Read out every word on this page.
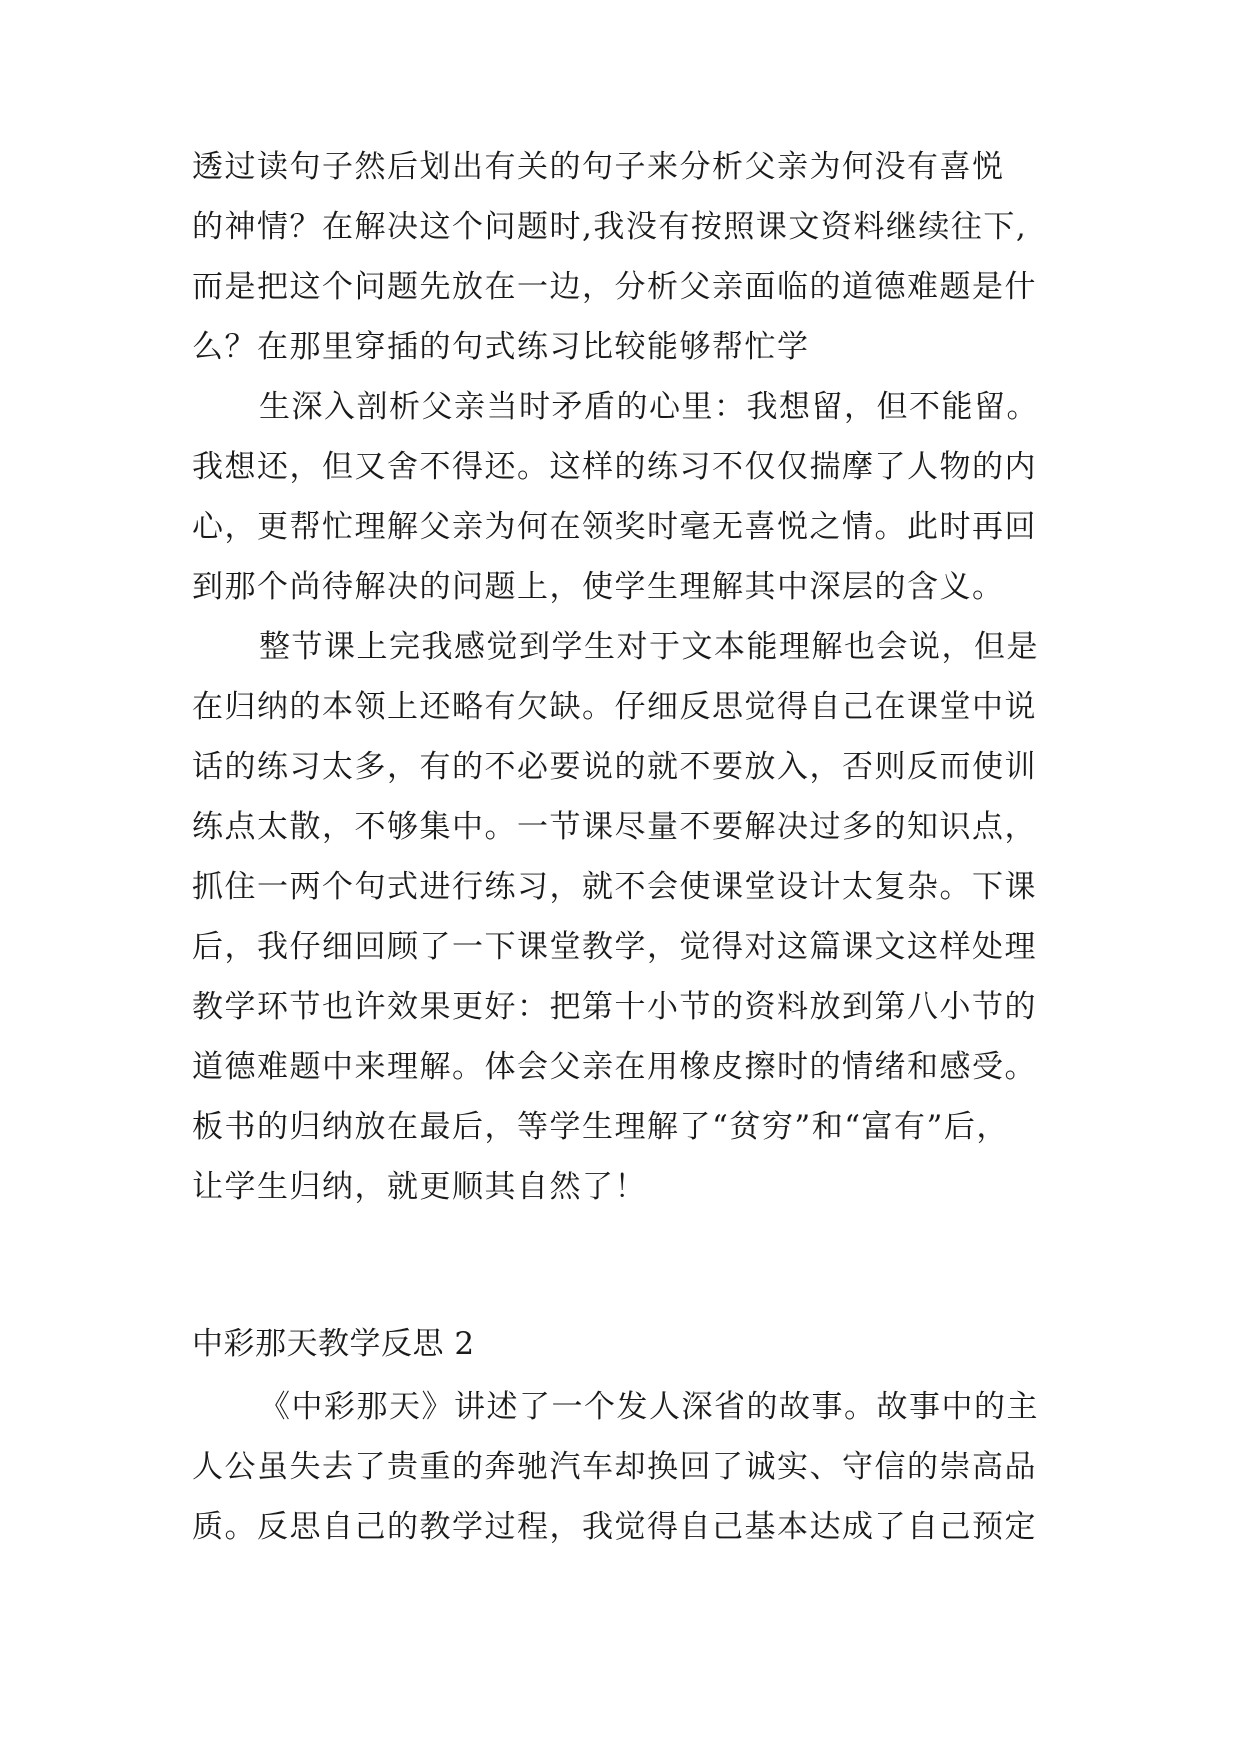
透过读句子然后划出有关的句子来分析父亲为何没有喜悦
的神情？在解决这个问题时,我没有按照课文资料继续往下,
而是把这个问题先放在一边，分析父亲面临的道德难题是什
么？在那里穿插的句式练习比较能够帮忙学
生深入剖析父亲当时矛盾的心里：我想留，但不能留。
我想还，但又舍不得还。这样的练习不仅仅揣摩了人物的内
心，更帮忙理解父亲为何在领奖时毫无喜悦之情。此时再回
到那个尚待解决的问题上，使学生理解其中深层的含义。
整节课上完我感觉到学生对于文本能理解也会说，但是
在归纳的本领上还略有欠缺。仔细反思觉得自己在课堂中说
话的练习太多，有的不必要说的就不要放入，否则反而使训
练点太散，不够集中。一节课尽量不要解决过多的知识点，
抓住一两个句式进行练习，就不会使课堂设计太复杂。下课
后，我仔细回顾了一下课堂教学，觉得对这篇课文这样处理
教学环节也许效果更好：把第十小节的资料放到第八小节的
道德难题中来理解。体会父亲在用橡皮擦时的情绪和感受。
板书的归纳放在最后，等学生理解了“贫穷”和“富有”后，
让学生归纳，就更顺其自然了！
中彩那天教学反思 2
《中彩那天》讲述了一个发人深省的故事。故事中的主
人公虽失去了贵重的奔驰汽车却换回了诚实、守信的崇高品
质。反思自己的教学过程，我觉得自己基本达成了自己预定
